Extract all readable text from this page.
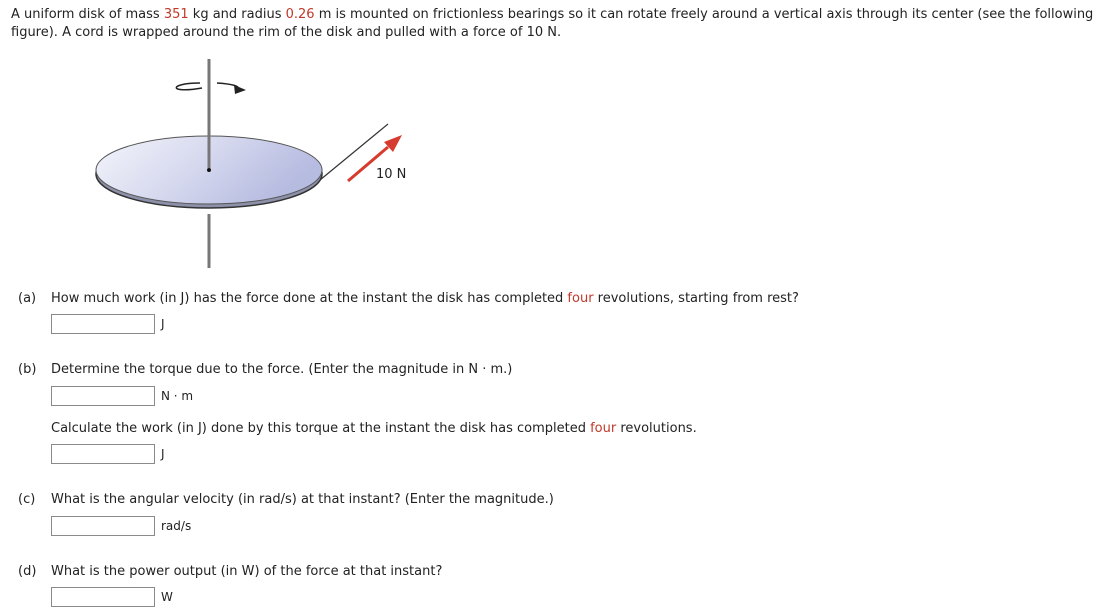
A uniform disk of mass 351 kg and radius 0.26 m is mounted on frictionless bearings so it can rotate freely around a vertical axis through its center (see the following figure). A cord is wrapped around the rim of the disk and pulled with a force of 10 N.
10 N
(a) How much work (in J) has the force done at the instant the disk has completed four revolutions, starting from rest?
J
(b) Determine the torque due to the force. (Enter the magnitude in N · m.)
N · m
Calculate the work (in J) done by this torque at the instant the disk has completed four revolutions.
J
(c) What is the angular velocity (in rad/s) at that instant? (Enter the magnitude.)
rad/s
(d) What is the power output (in W) of the force at that instant?
W
